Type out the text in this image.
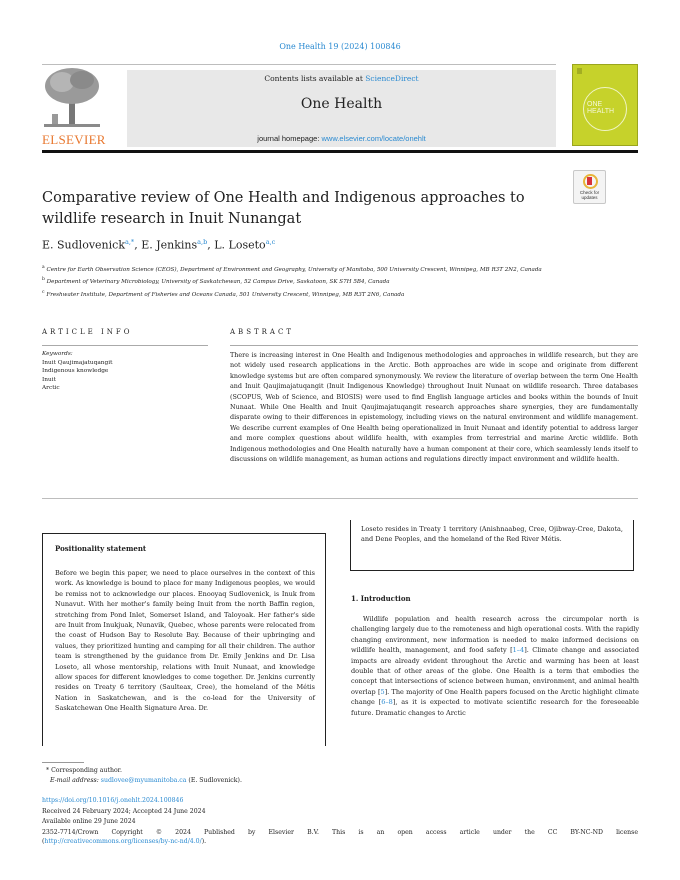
One Health 19 (2024) 100846
ELSEVIER
Contents lists available at ScienceDirect
One Health
journal homepage: www.elsevier.com/locate/onehlt
ONE
HEALTH
Comparative review of One Health and Indigenous approaches to wildlife research in Inuit Nunangat
Check for
updates
E. Sudlovenick$^{a,*}$, E. Jenkins$^{a,b}$, L. Loseto$^{a,c}$
$^a$ Centre for Earth Observation Science (CEOS), Department of Environment and Geography, University of Manitoba, 500 University Crescent, Winnipeg, MB R3T 2N2, Canada
$^b$ Department of Veterinary Microbiology, University of Saskatchewan, 52 Campus Drive, Saskatoon, SK S7H 5B4, Canada
$^c$ Freshwater Institute, Department of Fisheries and Oceans Canada, 501 University Crescent, Winnipeg, MB R3T 2N6, Canada
ARTICLE INFO
Keywords:
Inuit Qaujimajatuqangit
Indigenous knowledge
Inuit
Arctic
ABSTRACT
There is increasing interest in One Health and Indigenous methodologies and approaches in wildlife research, but they are not widely used research applications in the Arctic. Both approaches are wide in scope and originate from different knowledge systems but are often compared synonymously. We review the literature of overlap between the term One Health and Inuit Qaujimajatuqangit (Inuit Indigenous Knowledge) throughout Inuit Nunaat on wildlife research. Three databases (SCOPUS, Web of Science, and BIOSIS) were used to find English language articles and books within the bounds of Inuit Nunaat. While One Health and Inuit Qaujimajatuqangit research approaches share synergies, they are fundamentally disparate owing to their differences in epistemology, including views on the natural environment and wildlife management. We describe current examples of One Health being operationalized in Inuit Nunaat and identify potential to address larger and more complex questions about wildlife health, with examples from terrestrial and marine Arctic wildlife. Both Indigenous methodologies and One Health naturally have a human component at their core, which seamlessly lends itself to discussions on wildlife management, as human actions and regulations directly impact environment and wildlife health.
Positionality statement
Before we begin this paper, we need to place ourselves in the context of this work. As knowledge is bound to place for many Indigenous peoples, we would be remiss not to acknowledge our places. Enooyaq Sudlovenick, is Inuk from Nunavut. With her mother's family being Inuit from the north Baffin region, stretching from Pond Inlet, Somerset Island, and Taloyoak. Her father's side are Inuit from Inukjuak, Nunavik, Quebec, whose parents were relocated from the coast of Hudson Bay to Resolute Bay. Because of their upbringing and values, they prioritized hunting and camping for all their children. The author team is strengthened by the guidance from Dr. Emily Jenkins and Dr. Lisa Loseto, all whose mentorship, relations with Inuit Nunaat, and knowledge allow spaces for different knowledges to come together. Dr. Jenkins currently resides on Treaty 6 territory (Saulteax, Cree), the homeland of the Métis Nation in Saskatchewan, and is the co-lead for the University of Saskatchewan One Health Signature Area. Dr.
Loseto resides in Treaty 1 territory (Anishnaabeg, Cree, Ojibway-Cree, Dakota, and Dene Peoples, and the homeland of the Red River Métis.
1. Introduction
Wildlife population and health research across the circumpolar north is challenging largely due to the remoteness and high operational costs. With the rapidly changing environment, new information is needed to make informed decisions on wildlife health, management, and food safety [1–4]. Climate change and associated impacts are already evident throughout the Arctic and warming has been at least double that of other areas of the globe. One Health is a term that embodies the concept that intersections of science between human, environment, and animal health overlap [5]. The majority of One Health papers focused on the Arctic highlight climate change [6–8], as it is expected to motivate scientific research for the foreseeable future. Dramatic changes to Arctic
* Corresponding author.
E-mail address: sudlovee@myumanitoba.ca (E. Sudlovenick).
https://doi.org/10.1016/j.onehlt.2024.100846
Received 24 February 2024; Accepted 24 June 2024
Available online 29 June 2024
2352-7714/Crown Copyright © 2024 Published by Elsevier B.V. This is an open access article under the CC BY-NC-ND license
(http://creativecommons.org/licenses/by-nc-nd/4.0/).
